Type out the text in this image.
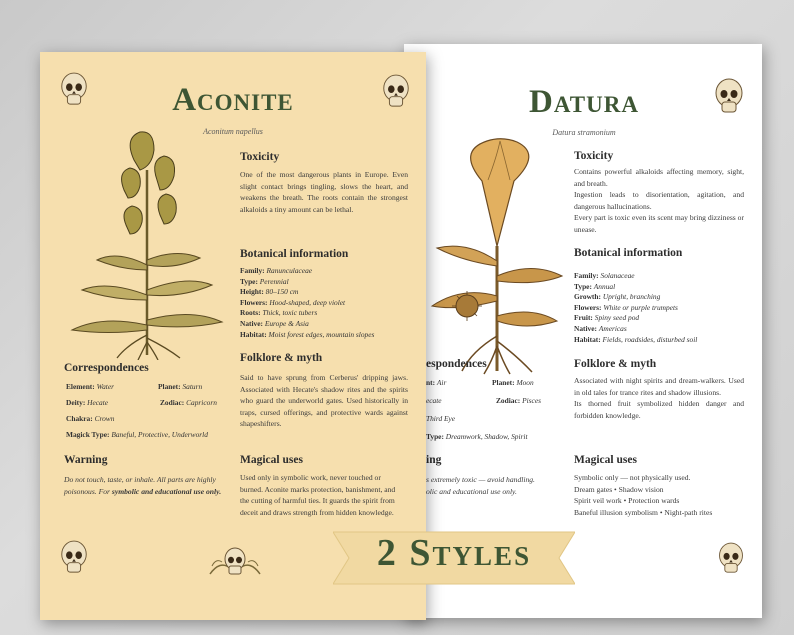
Datura
Datura stramonium
Toxicity
Contains powerful alkaloids affecting memory, sight, and breath.
Ingestion leads to disorientation, agitation, and dangerous hallucinations.
Every part is toxic even its scent may bring dizziness or unease.
Botanical information
Family: Solanaceae
Type: Annual
Growth: Upright, branching
Flowers: White or purple trumpets
Fruit: Spiny seed pod
Native: Americas
Habitat: Fields, roadsides, disturbed soil
Folklore & myth
Associated with night spirits and dream-walkers. Used in old tales for trance rites and shadow illusions.
Its thorned fruit symbolized hidden danger and forbidden knowledge.
Magical uses
Symbolic only — not physically used.
Dream gates • Shadow vision
Spirit veil work • Protection wards
Baneful illusion symbolism • Night-path rites
espondences
nt: Air	Planet: Moon
ecate	Zodiac: Pisces
Third Eye
Type: Dreamwork, Shadow, Spirit
ing
s extremely toxic — avoid handling.
olic and educational use only.
Aconite
Aconitum napellus
Toxicity
One of the most dangerous plants in Europe. Even slight contact brings tingling, slows the heart, and weakens the breath. The roots contain the strongest alkaloids a tiny amount can be lethal.
Botanical information
Family: Ranunculaceae
Type: Perennial
Height: 80–150 cm
Flowers: Hood-shaped, deep violet
Roots: Thick, toxic tubers
Native: Europe & Asia
Habitat: Moist forest edges, mountain slopes
Folklore & myth
Said to have sprung from Cerberus' dripping jaws. Associated with Hecate's shadow rites and the spirits who guard the underworld gates. Used historically in traps, cursed offerings, and protective wards against shapeshifters.
Magical uses
Used only in symbolic work, never touched or burned. Aconite marks protection, banishment, and the cutting of harmful ties. It guards the spirit from deceit and draws strength from hidden knowledge.
Correspondences
Element: Water	Planet: Saturn
Deity: Hecate	Zodiac: Capricorn
Chakra: Crown
Magick Type: Baneful, Protective, Underworld
Warning
Do not touch, taste, or inhale. All parts are highly poisonous. For symbolic and educational use only.
2 Styles
